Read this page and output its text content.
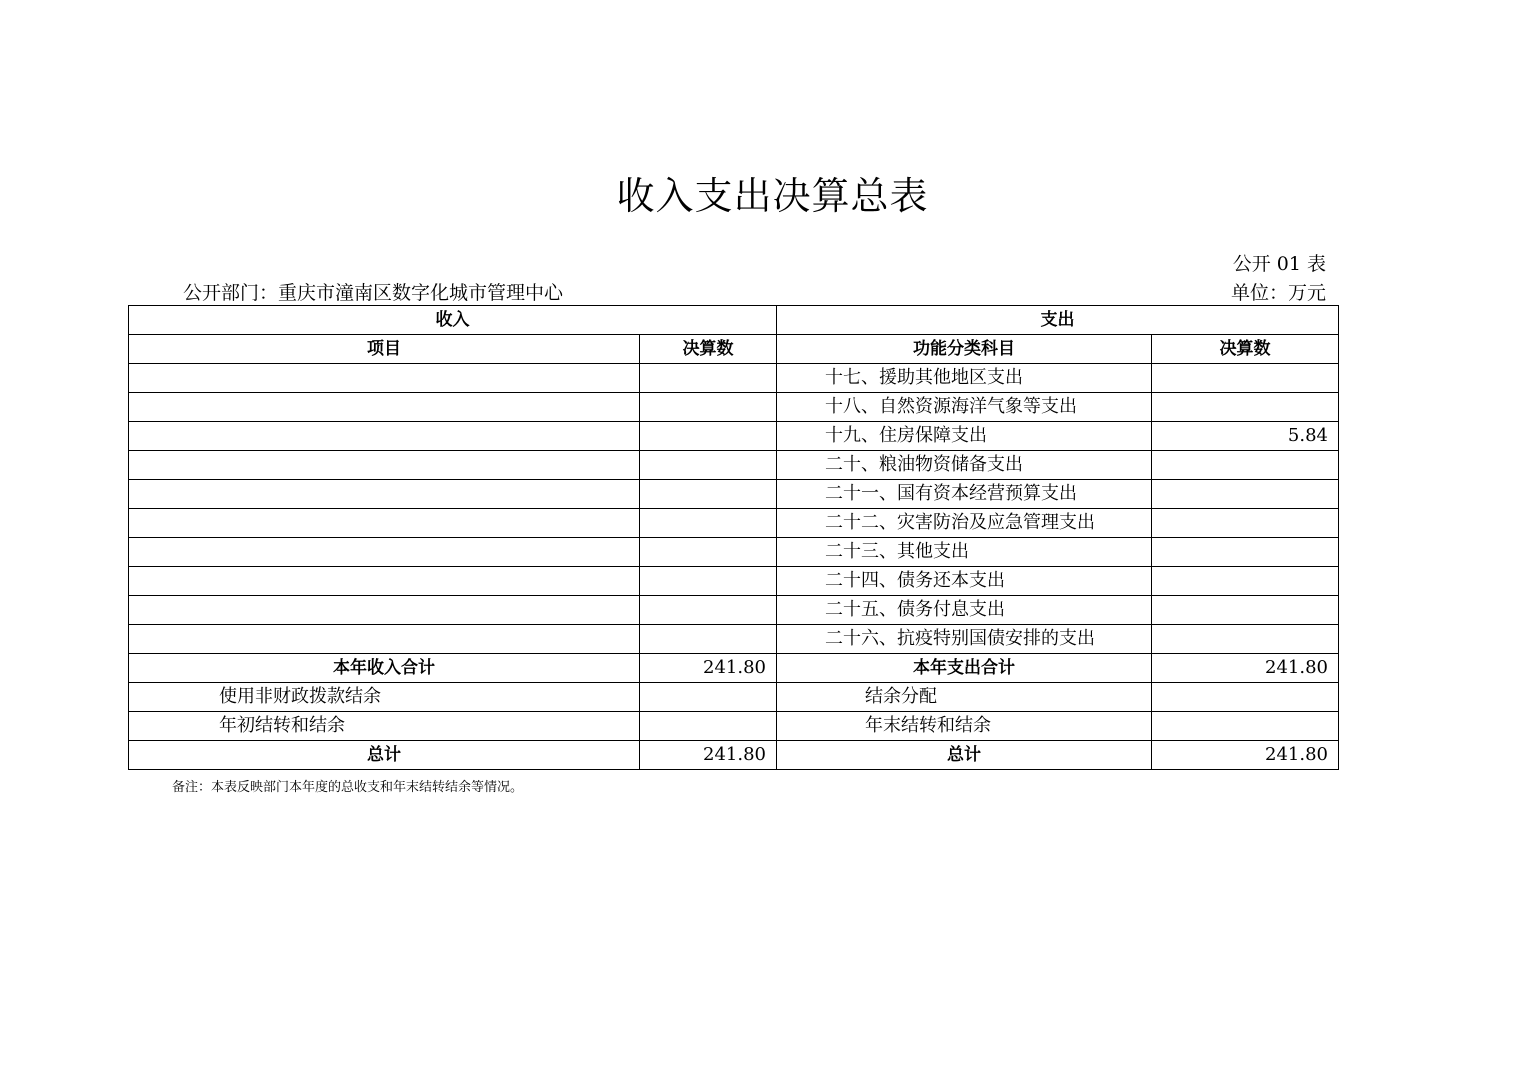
收入支出决算总表
公开 01 表
公开部门：重庆市潼南区数字化城市管理中心	单位：万元
收入		支出	
项目	决算数	功能分类科目	决算数
		十七、援助其他地区支出	
		十八、自然资源海洋气象等支出	
		十九、住房保障支出	5.84
		二十、粮油物资储备支出	
		二十一、国有资本经营预算支出	
		二十二、灾害防治及应急管理支出	
		二十三、其他支出	
		二十四、债务还本支出	
		二十五、债务付息支出	
		二十六、抗疫特别国债安排的支出	
本年收入合计	241.80	本年支出合计	241.80
使用非财政拨款结余		结余分配	
年初结转和结余		年末结转和结余	
总计	241.80	总计	241.80
备注：本表反映部门本年度的总收支和年末结转结余等情况。
